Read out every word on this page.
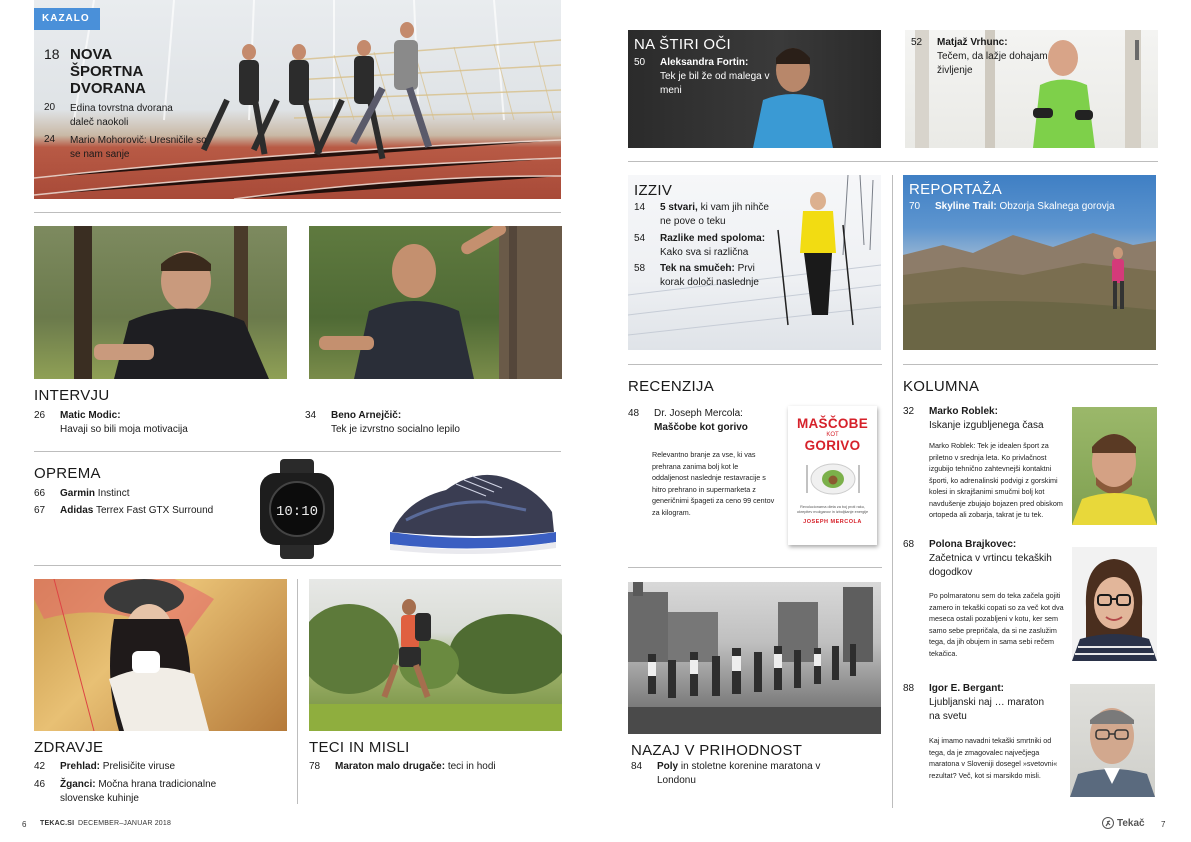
KAZALO
18 NOVA ŠPORTNA DVORANA
20 Edina tovrstna dvorana daleč naokoli
24 Mario Mohorovič: Uresničile so se nam sanje
INTERVJU
26 Matic Modic:
Havaji so bili moja motivacija
34 Beno Arnejčič:
Tek je izvrstno socialno lepilo
OPREMA
66 Garmin Instinct
67 Adidas Terrex Fast GTX Surround	10:10
ZDRAVJE
42 Prehlad: Prelisičite viruse
46 Žganci: Močna hrana tradicionalne slovenske kuhinje
TECI IN MISLI
78 Maraton malo drugače: teci in hodi
6 TEKAC.SI DECEMBER–JANUAR 2018
NA ŠTIRI OČI
50 Aleksandra Fortin:
Tek je bil že od malega v meni
52 Matjaž Vrhunc:
Tečem, da lažje dohajam življenje
IZZIV
14 5 stvari, ki vam jih nihče ne pove o teku
54 Razlike med spoloma:
Kako sva si različna
58 Tek na smučeh: Prvi korak določi naslednje
REPORTAŽA
70 Skyline Trail: Obzorja Skalnega gorovja
RECENZIJA
48 Dr. Joseph Mercola:
Maščobe kot gorivo
Relevantno branje za vse, ki vas prehrana zanima bolj kot le oddaljenost naslednje restavracije s hitro prehrano in supermarketa z generičnimi špageti za ceno 99 centov za kilogram.
MAŠČOBE
KOT
GORIVO
Revolucionarna dieta za boj proti raku, okrepitev možganov in izboljšanje energije
JOSEPH MERCOLA
NAZAJ V PRIHODNOST
84 Poly in stoletne korenine maratona v Londonu
KOLUMNA
32 Marko Roblek:
Iskanje izgubljenega časa
Marko Roblek: Tek je idealen šport za priletno v srednja leta. Ko privlačnost izgubijo tehnično zahtevnejši kontaktni športi, ko adrenalinski podvigi z gorskimi kolesi in skrajšanimi smučmi bolj kot navdušenje zbujajo bojazen pred obiskom ortopeda ali zobarja, takrat je tu tek.
68 Polona Brajkovec:
Začetnica v vrtincu tekaških dogodkov
Po polmaratonu sem do teka začela gojiti zamero in tekaški copati so za več kot dva meseca ostali pozabljeni v kotu, ker sem samo sebe prepričala, da si ne zaslužim tega, da jih obujem in sama sebi rečem tekačica.
88 Igor E. Bergant:
Ljubljanski naj … maraton na svetu
Kaj imamo navadni tekaški smrtniki od tega, da je zmagovalec največjega maratona v Sloveniji dosegel »svetovni« rezultat? Več, kot si marsikdo misli.
Tekač 7
